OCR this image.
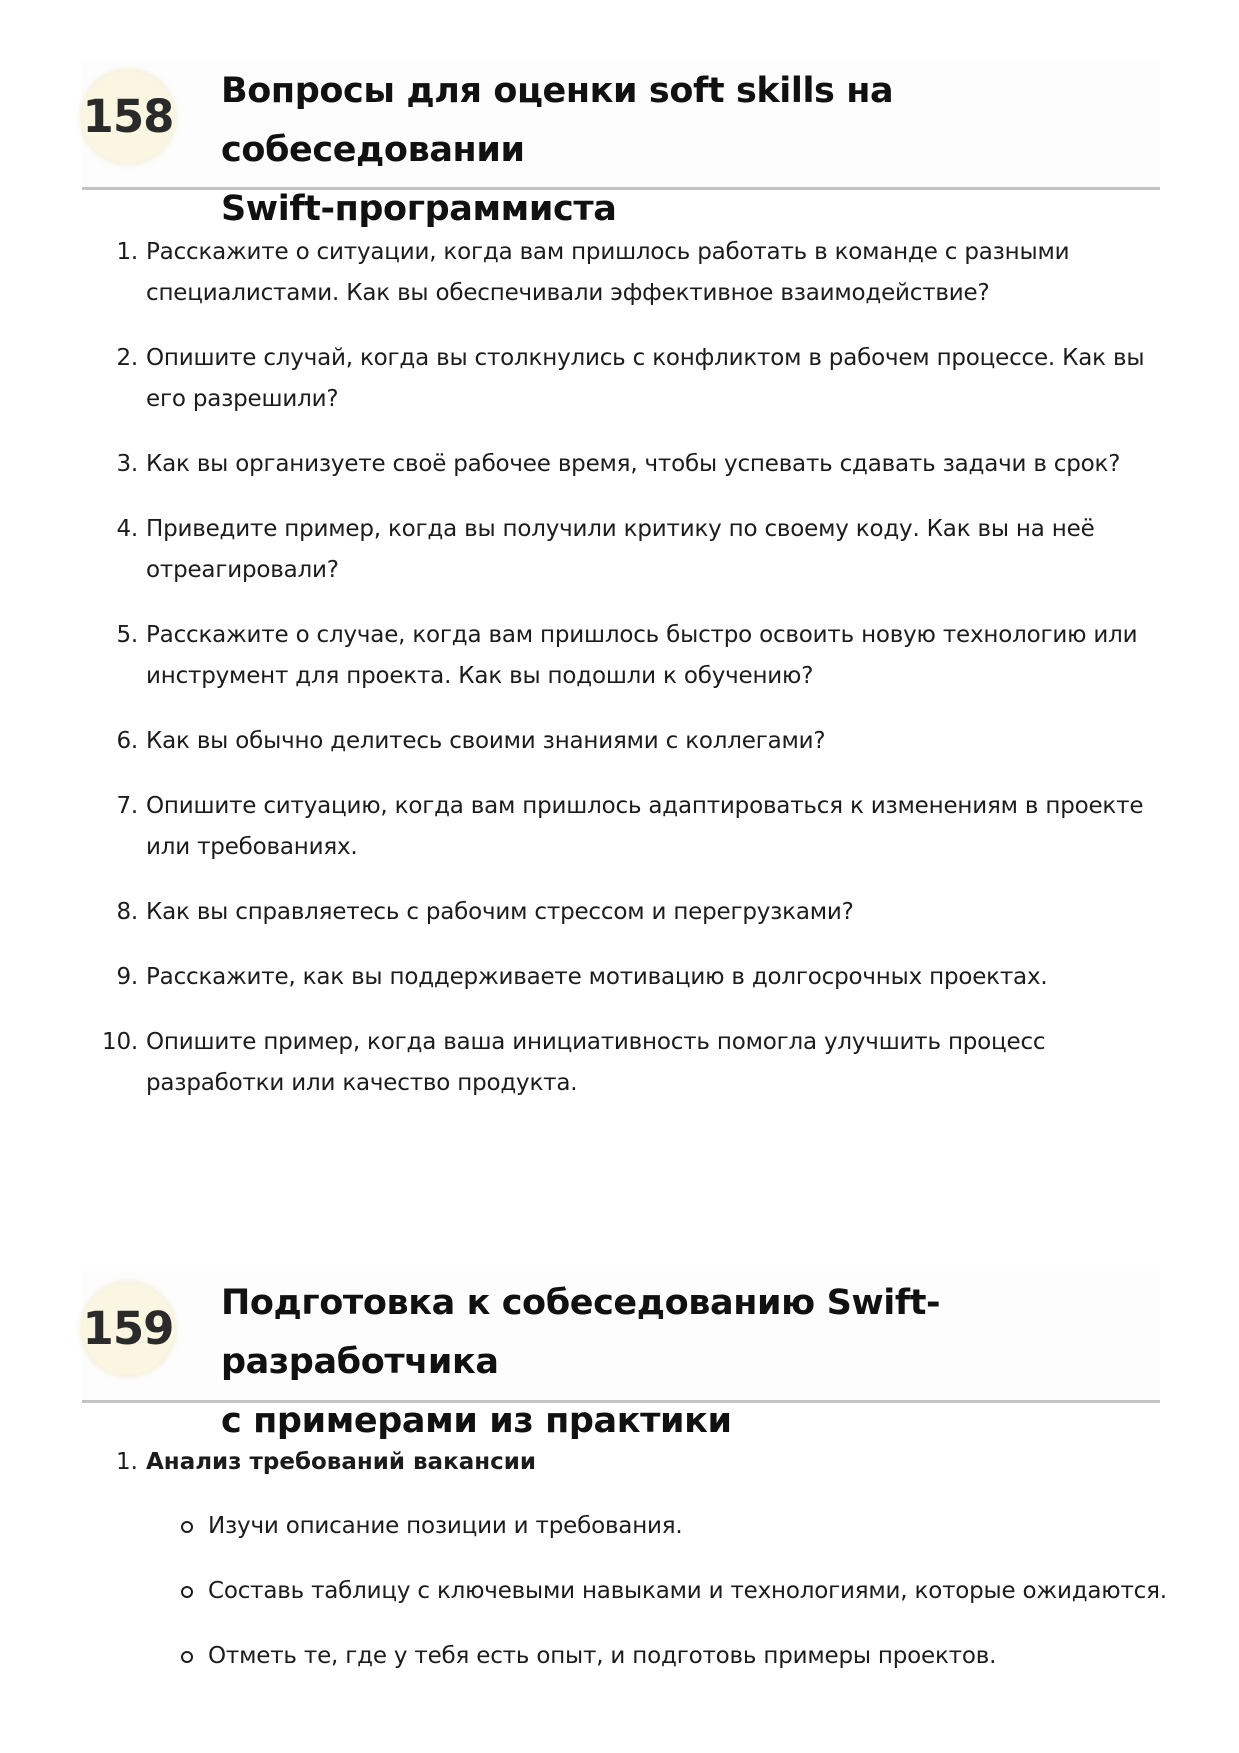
158 Вопросы для оценки soft skills на собеседовании
Swift-программиста
1. Расскажите о ситуации, когда вам пришлось работать в команде с разными специалистами. Как вы обеспечивали эффективное взаимодействие?
2. Опишите случай, когда вы столкнулись с конфликтом в рабочем процессе. Как вы его разрешили?
3. Как вы организуете своё рабочее время, чтобы успевать сдавать задачи в срок?
4. Приведите пример, когда вы получили критику по своему коду. Как вы на неё отреагировали?
5. Расскажите о случае, когда вам пришлось быстро освоить новую технологию или инструмент для проекта. Как вы подошли к обучению?
6. Как вы обычно делитесь своими знаниями с коллегами?
7. Опишите ситуацию, когда вам пришлось адаптироваться к изменениям в проекте или требованиях.
8. Как вы справляетесь с рабочим стрессом и перегрузками?
9. Расскажите, как вы поддерживаете мотивацию в долгосрочных проектах.
10. Опишите пример, когда ваша инициативность помогла улучшить процесс разработки или качество продукта.
159 Подготовка к собеседованию Swift-разработчика
с примерами из практики
1. Анализ требований вакансии
Изучи описание позиции и требования.
Составь таблицу с ключевыми навыками и технологиями, которые ожидаются.
Отметь те, где у тебя есть опыт, и подготовь примеры проектов.
